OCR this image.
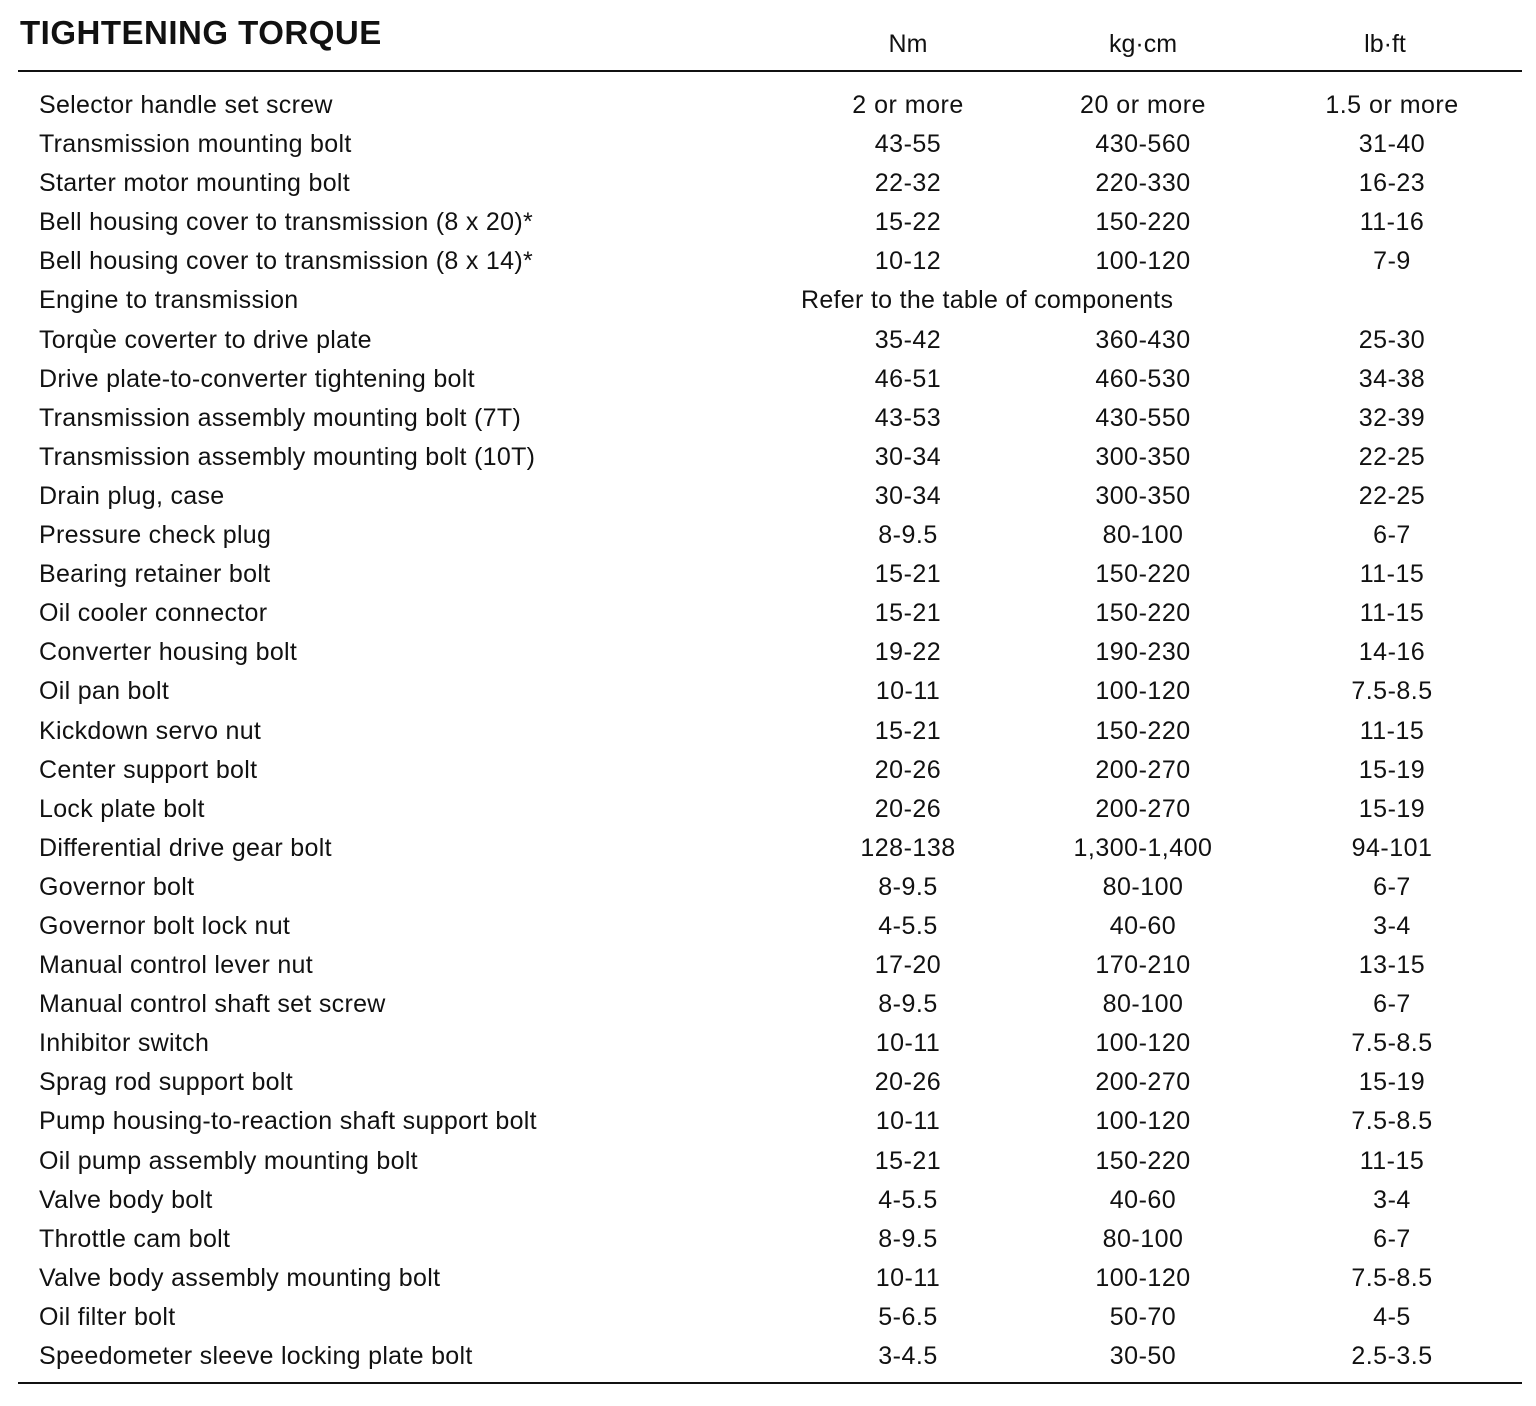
TIGHTENING TORQUE	Nm	kg·cm	lb·ft
Selector handle set screw	2 or more	20 or more	1.5 or more
Transmission mounting bolt	43-55	430-560	31-40
Starter motor mounting bolt	22-32	220-330	16-23
Bell housing cover to transmission (8 x 20)*	15-22	150-220	11-16
Bell housing cover to transmission (8 x 14)*	10-12	100-120	7-9
Engine to transmission	Refer to the table of components
Torqùe coverter to drive plate	35-42	360-430	25-30
Drive plate-to-converter tightening bolt	46-51	460-530	34-38
Transmission assembly mounting bolt (7T)	43-53	430-550	32-39
Transmission assembly mounting bolt (10T)	30-34	300-350	22-25
Drain plug, case	30-34	300-350	22-25
Pressure check plug	8-9.5	80-100	6-7
Bearing retainer bolt	15-21	150-220	11-15
Oil cooler connector	15-21	150-220	11-15
Converter housing bolt	19-22	190-230	14-16
Oil pan bolt	10-11	100-120	7.5-8.5
Kickdown servo nut	15-21	150-220	11-15
Center support bolt	20-26	200-270	15-19
Lock plate bolt	20-26	200-270	15-19
Differential drive gear bolt	128-138	1,300-1,400	94-101
Governor bolt	8-9.5	80-100	6-7
Governor bolt lock nut	4-5.5	40-60	3-4
Manual control lever nut	17-20	170-210	13-15
Manual control shaft set screw	8-9.5	80-100	6-7
Inhibitor switch	10-11	100-120	7.5-8.5
Sprag rod support bolt	20-26	200-270	15-19
Pump housing-to-reaction shaft support bolt	10-11	100-120	7.5-8.5
Oil pump assembly mounting bolt	15-21	150-220	11-15
Valve body bolt	4-5.5	40-60	3-4
Throttle cam bolt	8-9.5	80-100	6-7
Valve body assembly mounting bolt	10-11	100-120	7.5-8.5
Oil filter bolt	5-6.5	50-70	4-5
Speedometer sleeve locking plate bolt	3-4.5	30-50	2.5-3.5
